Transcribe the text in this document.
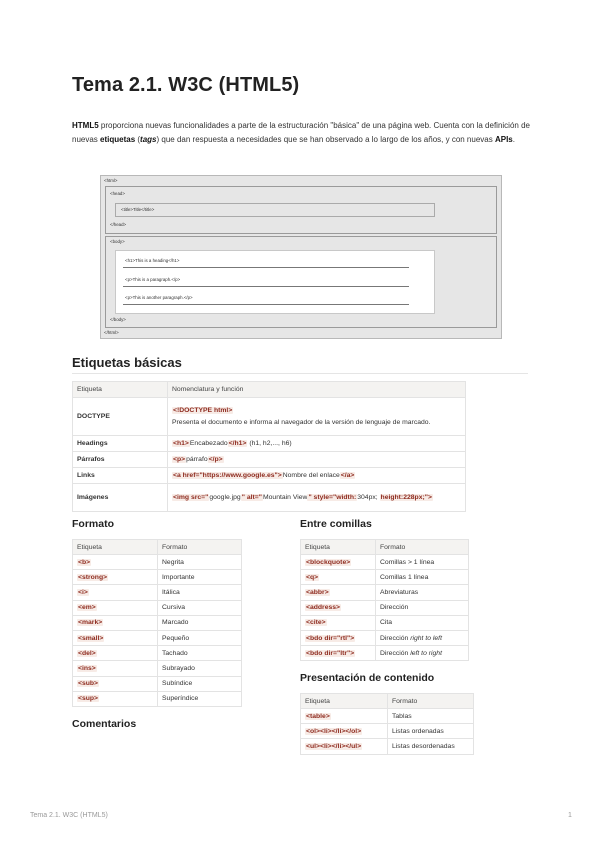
Tema 2.1. W3C (HTML5)
HTML5 proporciona nuevas funcionalidades a parte de la estructuración "básica" de una página web. Cuenta con la definición de nuevas etiquetas (tags) que dan respuesta a necesidades que se han observado a lo largo de los años, y con nuevas APIs.
<html>
<head>
<title>Title</title>
</head>
<body>
<h1>This is a heading</h1>
<p>This is a paragraph.</p>
<p>This is another paragraph.</p>
</body>
</html>
Etiquetas básicas
Etiqueta	Nomenclatura y función
DOCTYPE	<!DOCTYPE html>
Presenta el documento e informa al navegador de la versión de lenguaje de marcado.
Headings	<h1>Encabezado</h1> (h1, h2,..., h6)
Párrafos	<p>párrafo</p>
Links	<a href="https://www.google.es">Nombre del enlace</a>
Imágenes	<img src="google.jpg" alt="Mountain View" style="width:304px; height:228px;">
Formato
Etiqueta	Formato
<b>	Negrita
<strong>	Importante
<i>	Itálica
<em>	Cursiva
<mark>	Marcado
<small>	Pequeño
<del>	Tachado
<ins>	Subrayado
<sub>	Subíndice
<sup>	Superíndice
Comentarios
Entre comillas
Etiqueta	Formato
<blockquote>	Comillas > 1 línea
<q>	Comillas 1 línea
<abbr>	Abreviaturas
<address>	Dirección
<cite>	Cita
<bdo dir="rtl">	Dirección right to left
<bdo dir="ltr">	Dirección left to right
Presentación de contenido
Etiqueta	Formato
<table>	Tablas
<ol><li></li></ol>	Listas ordenadas
<ul><li></li></ul>	Listas desordenadas
Tema 2.1. W3C (HTML5)	1
